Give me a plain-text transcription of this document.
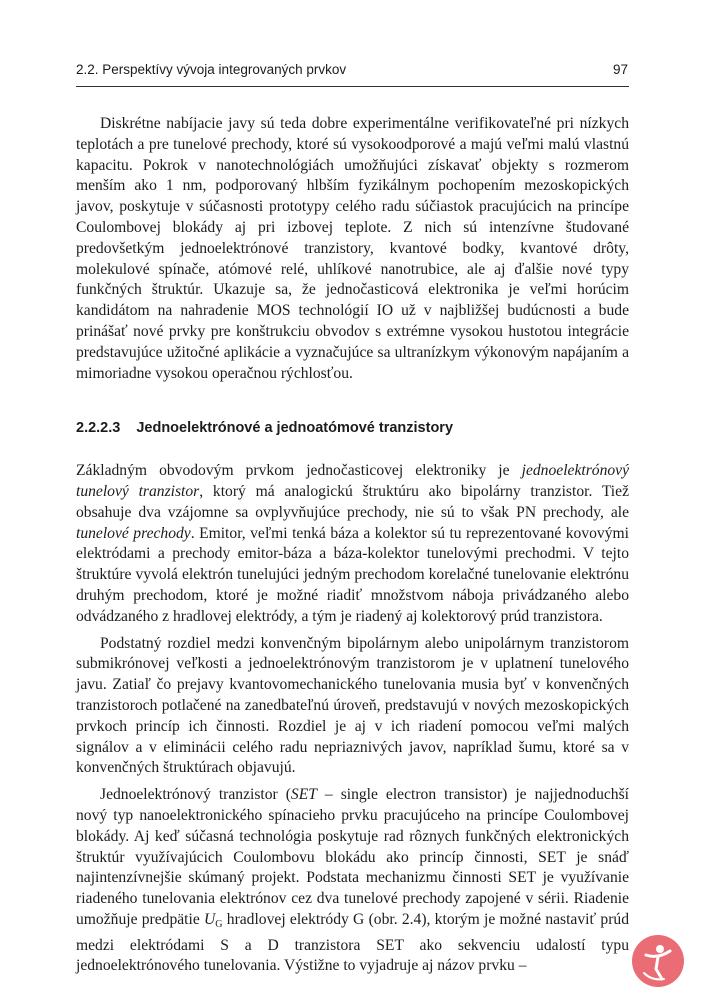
2.2. Perspektívy vývoja integrovaných prvkov	97

Diskrétne nabíjacie javy sú teda dobre experimentálne verifikovateľné pri nízkych teplotách a pre tunelové prechody, ktoré sú vysokoodporové a majú veľmi malú vlastnú kapacitu. Pokrok v nanotechnológiách umožňujúci získavať objekty s rozmerom menším ako 1 nm, podporovaný hlbším fyzikálnym pochopením mezoskopických javov, poskytuje v súčasnosti prototypy celého radu súčiastok pracujúcich na princípe Coulombovej blokády aj pri izbovej teplote. Z nich sú intenzívne študované predovšetkým jednoelektrónové tranzistory, kvantové bodky, kvantové drôty, molekulové spínače, atómové relé, uhlíkové nanotrubice, ale aj ďalšie nové typy funkčných štruktúr. Ukazuje sa, že jednočasticová elektronika je veľmi horúcim kandidátom na nahradenie MOS technológií IO už v najbližšej budúcnosti a bude prinášať nové prvky pre konštrukciu obvodov s extrémne vysokou hustotou integrácie predstavujúce užitočné aplikácie a vyznačujúce sa ultranízkym výkonovým napájaním a mimoriadne vysokou operačnou rýchlosťou.

2.2.2.3 Jednoelektrónové a jednoatómové tranzistory

Základným obvodovým prvkom jednočasticovej elektroniky je jednoelektrónový tunelový tranzistor, ktorý má analogickú štruktúru ako bipolárny tranzistor. Tiež obsahuje dva vzájomne sa ovplyvňujúce prechody, nie sú to však PN prechody, ale tunelové prechody. Emitor, veľmi tenká báza a kolektor sú tu reprezentované kovovými elektródami a prechody emitor-báza a báza-kolektor tunelovými prechodmi. V tejto štruktúre vyvolá elektrón tunelujúci jedným prechodom korelačné tunelovanie elektrónu druhým prechodom, ktoré je možné riadiť množstvom náboja privádzaného alebo odvádzaného z hradlovej elektródy, a tým je riadený aj kolektorový prúd tranzistora.

Podstatný rozdiel medzi konvenčným bipolárnym alebo unipolárnym tranzistorom submikrónovej veľkosti a jednoelektrónovým tranzistorom je v uplatnení tunelového javu. Zatiaľ čo prejavy kvantovomechanického tunelovania musia byť v konvenčných tranzistoroch potlačené na zanedbateľnú úroveň, predstavujú v nových mezoskopických prvkoch princíp ich činnosti. Rozdiel je aj v ich riadení pomocou veľmi malých signálov a v eliminácii celého radu nepriaznivých javov, napríklad šumu, ktoré sa v konvenčných štruktúrach objavujú.

Jednoelektrónový tranzistor (SET – single electron transistor) je najjednoduchší nový typ nanoelektronického spínacieho prvku pracujúceho na princípe Coulombovej blokády. Aj keď súčasná technológia poskytuje rad rôznych funkčných elektronických štruktúr využívajúcich Coulombovu blokádu ako princíp činnosti, SET je snáď najintenzívnejšie skúmaný projekt. Podstata mechanizmu činnosti SET je využívanie riadeného tunelovania elektrónov cez dva tunelové prechody zapojené v sérii. Riadenie umožňuje predpätie $U_G$ hradlovej elektródy G (obr. 2.4), ktorým je možné nastaviť prúd medzi elektródami S a D tranzistora SET ako sekvenciu udalostí typu jednoelektrónového tunelovania. Výstižne to vyjadruje aj názov prvku –
